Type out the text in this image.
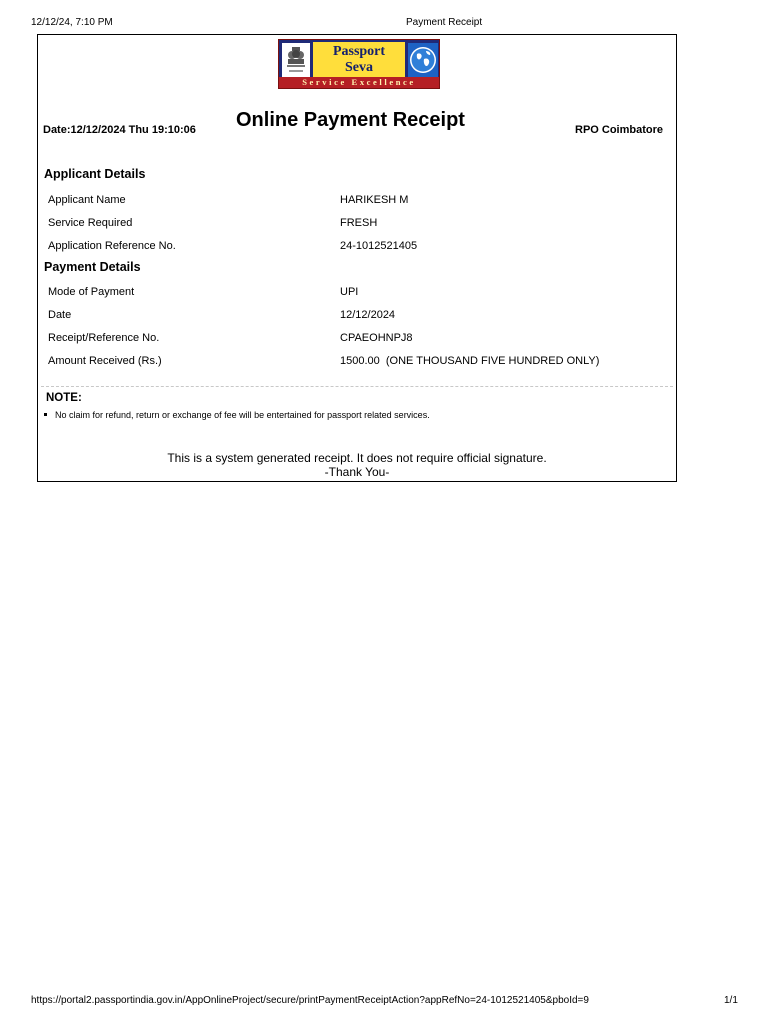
12/12/24, 7:10 PM	Payment Receipt
Passport
Seva
Service Excellence
Date:12/12/2024 Thu 19:10:06 Online Payment Receipt	RPO Coimbatore
Applicant Details
Applicant Name	HARIKESH M
Service Required	FRESH
Application Reference No.	24-1012521405
Payment Details
Mode of Payment	UPI
Date	12/12/2024
Receipt/Reference No.	CPAEOHNPJ8
Amount Received (Rs.)	1500.00  (ONE THOUSAND FIVE HUNDRED ONLY)
NOTE:
No claim for refund, return or exchange of fee will be entertained for passport related services.
This is a system generated receipt. It does not require official signature.
-Thank You-
https://portal2.passportindia.gov.in/AppOnlineProject/secure/printPaymentReceiptAction?appRefNo=24-1012521405&pboId=9	1/1
